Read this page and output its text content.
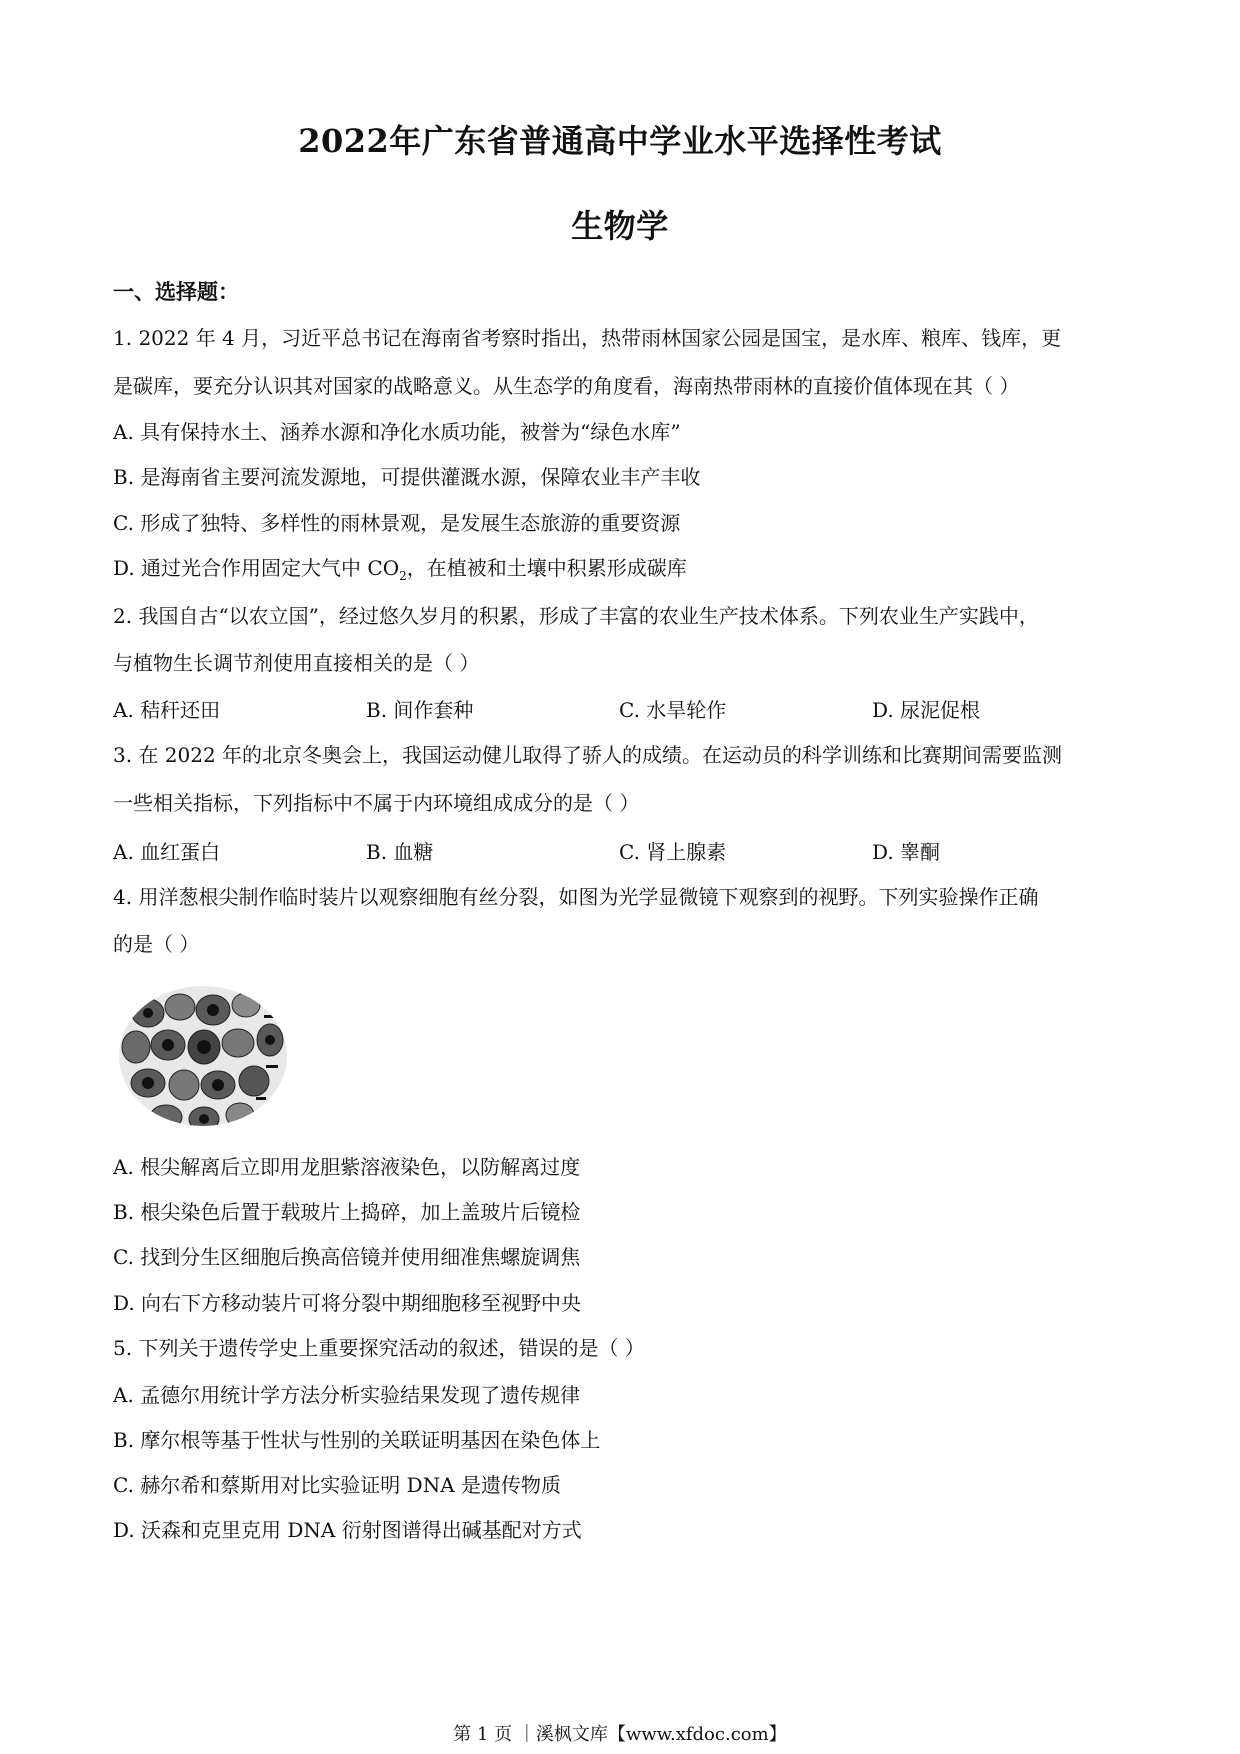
2022年广东省普通高中学业水平选择性考试
生物学
一、选择题：
1. 2022 年 4 月，习近平总书记在海南省考察时指出，热带雨林国家公园是国宝，是水库、粮库、钱库，更
是碳库，要充分认识其对国家的战略意义。从生态学的角度看，海南热带雨林的直接价值体现在其（ ）
A. 具有保持水土、涵养水源和净化水质功能，被誉为“绿色水库”
B. 是海南省主要河流发源地，可提供灌溉水源，保障农业丰产丰收
C. 形成了独特、多样性的雨林景观，是发展生态旅游的重要资源
D. 通过光合作用固定大气中 $CO_2$，在植被和土壤中积累形成碳库
2. 我国自古“以农立国”，经过悠久岁月的积累，形成了丰富的农业生产技术体系。下列农业生产实践中，
与植物生长调节剂使用直接相关的是（ ）
A. 秸秆还田	B. 间作套种	C. 水旱轮作	D. 尿泥促根
3. 在 2022 年的北京冬奥会上，我国运动健儿取得了骄人的成绩。在运动员的科学训练和比赛期间需要监测
一些相关指标，下列指标中不属于内环境组成成分的是（ ）
A. 血红蛋白	B. 血糖	C. 肾上腺素	D. 睾酮
4. 用洋葱根尖制作临时装片以观察细胞有丝分裂，如图为光学显微镜下观察到的视野。下列实验操作正确
的是（ ）
A. 根尖解离后立即用龙胆紫溶液染色，以防解离过度
B. 根尖染色后置于载玻片上捣碎，加上盖玻片后镜检
C. 找到分生区细胞后换高倍镜并使用细准焦螺旋调焦
D. 向右下方移动装片可将分裂中期细胞移至视野中央
5. 下列关于遗传学史上重要探究活动的叙述，错误的是（ ）
A. 孟德尔用统计学方法分析实验结果发现了遗传规律
B. 摩尔根等基于性状与性别的关联证明基因在染色体上
C. 赫尔希和蔡斯用对比实验证明 DNA 是遗传物质
D. 沃森和克里克用 DNA 衍射图谱得出碱基配对方式
第 1 页 ｜溪枫文库【www.xfdoc.com】
